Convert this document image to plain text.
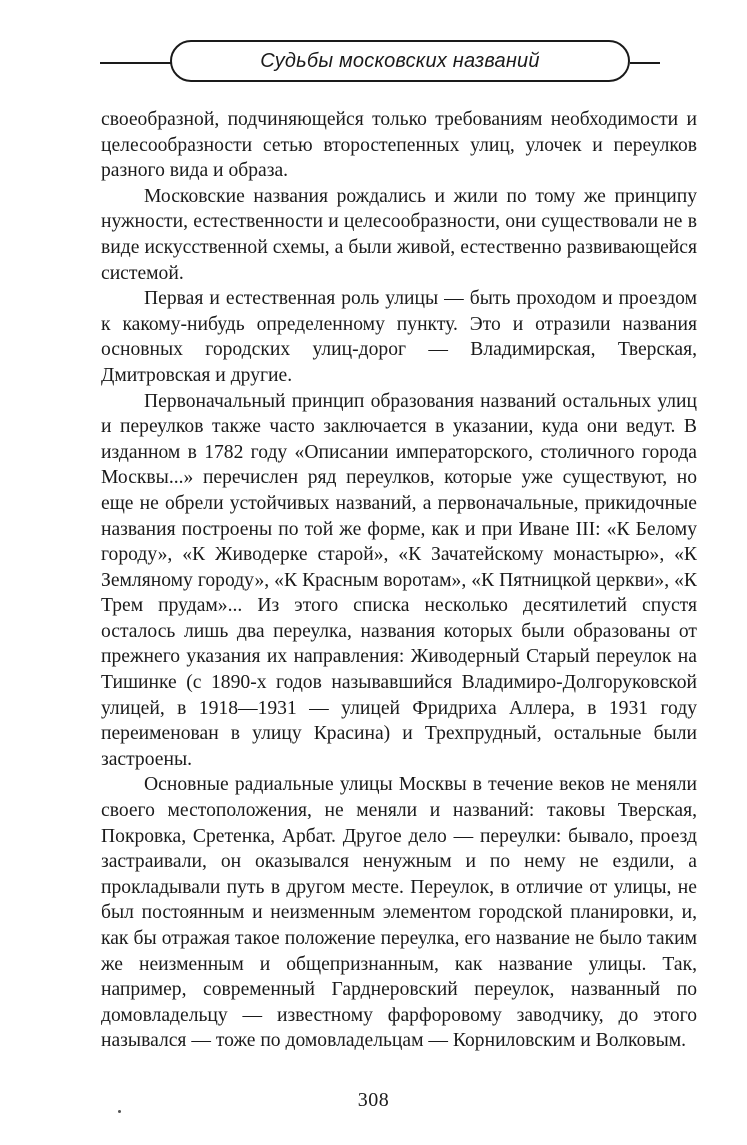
Судьбы московских названий

своеобразной, подчиняющейся только требованиям необходимости и целесообразности сетью второстепенных улиц, улочек и переулков разного вида и образа.

Московские названия рождались и жили по тому же принципу нужности, естественности и целесообразности, они существовали не в виде искусственной схемы, а были живой, естественно развивающейся системой.

Первая и естественная роль улицы — быть проходом и проездом к какому-нибудь определенному пункту. Это и отразили названия основных городских улиц-дорог — Владимирская, Тверская, Дмитровская и другие.

Первоначальный принцип образования названий остальных улиц и переулков также часто заключается в указании, куда они ведут. В изданном в 1782 году «Описании императорского, столичного города Москвы...» перечислен ряд переулков, которые уже существуют, но еще не обрели устойчивых названий, а первоначальные, прикидочные названия построены по той же форме, как и при Иване III: «К Белому городу», «К Живодерке старой», «К Зачатейскому монастырю», «К Земляному городу», «К Красным воротам», «К Пятницкой церкви», «К Трем прудам»... Из этого списка несколько десятилетий спустя осталось лишь два переулка, названия которых были образованы от прежнего указания их направления: Живодерный Старый переулок на Тишинке (с 1890-х годов называвшийся Владимиро-Долгоруковской улицей, в 1918—1931 — улицей Фридриха Аллера, в 1931 году переименован в улицу Красина) и Трехпрудный, остальные были застроены.

Основные радиальные улицы Москвы в течение веков не меняли своего местоположения, не меняли и названий: таковы Тверская, Покровка, Сретенка, Арбат. Другое дело — переулки: бывало, проезд застраивали, он оказывался ненужным и по нему не ездили, а прокладывали путь в другом месте. Переулок, в отличие от улицы, не был постоянным и неизменным элементом городской планировки, и, как бы отражая такое положение переулка, его название не было таким же неизменным и общепризнанным, как название улицы. Так, например, современный Гарднеровский переулок, названный по домовладельцу — известному фарфоровому заводчику, до этого назывался — тоже по домовладельцам — Корниловским и Волковым.

308
